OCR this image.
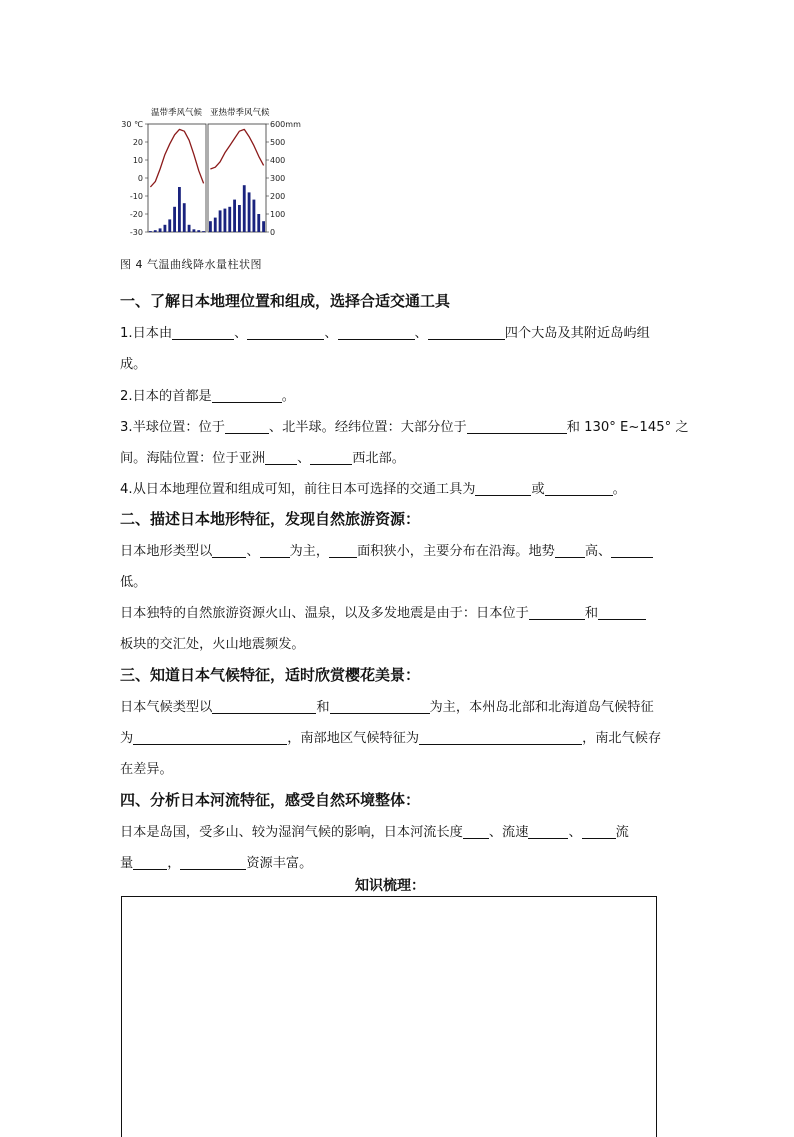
温带季风气候 亚热带季风气候
30 ℃
20
10
0
-10
-20
-30
600mm
500
400
300
200
100
0
图 4 气温曲线降水量柱状图
一、了解日本地理位置和组成，选择合适交通工具
1.日本由	、	、	、	四个大岛及其附近岛屿组
成。
2.日本的首都是	。
3.半球位置：位于	、北半球。经纬位置：大部分位于	和 130° E~145° 之
间。海陆位置：位于亚洲 、	西北部。
4.从日本地理位置和组成可知，前往日本可选择的交通工具为	或	。
二、描述日本地形特征，发现自然旅游资源：
日本地形类型以	、 为主， 面积狭小，主要分布在沿海。地势 高、
低。
日本独特的自然旅游资源火山、温泉，以及多发地震是由于：日本位于	和
板块的交汇处，火山地震频发。
三、知道日本气候特征，适时欣赏樱花美景：
日本气候类型以	和	为主，本州岛北部和北海道岛气候特征
为	，南部地区气候特征为	，南北气候存
在差异。
四、分析日本河流特征，感受自然环境整体：
日本是岛国，受多山、较为湿润气候的影响，日本河流长度 、流速	、	流
量	，	资源丰富。
知识梳理：
